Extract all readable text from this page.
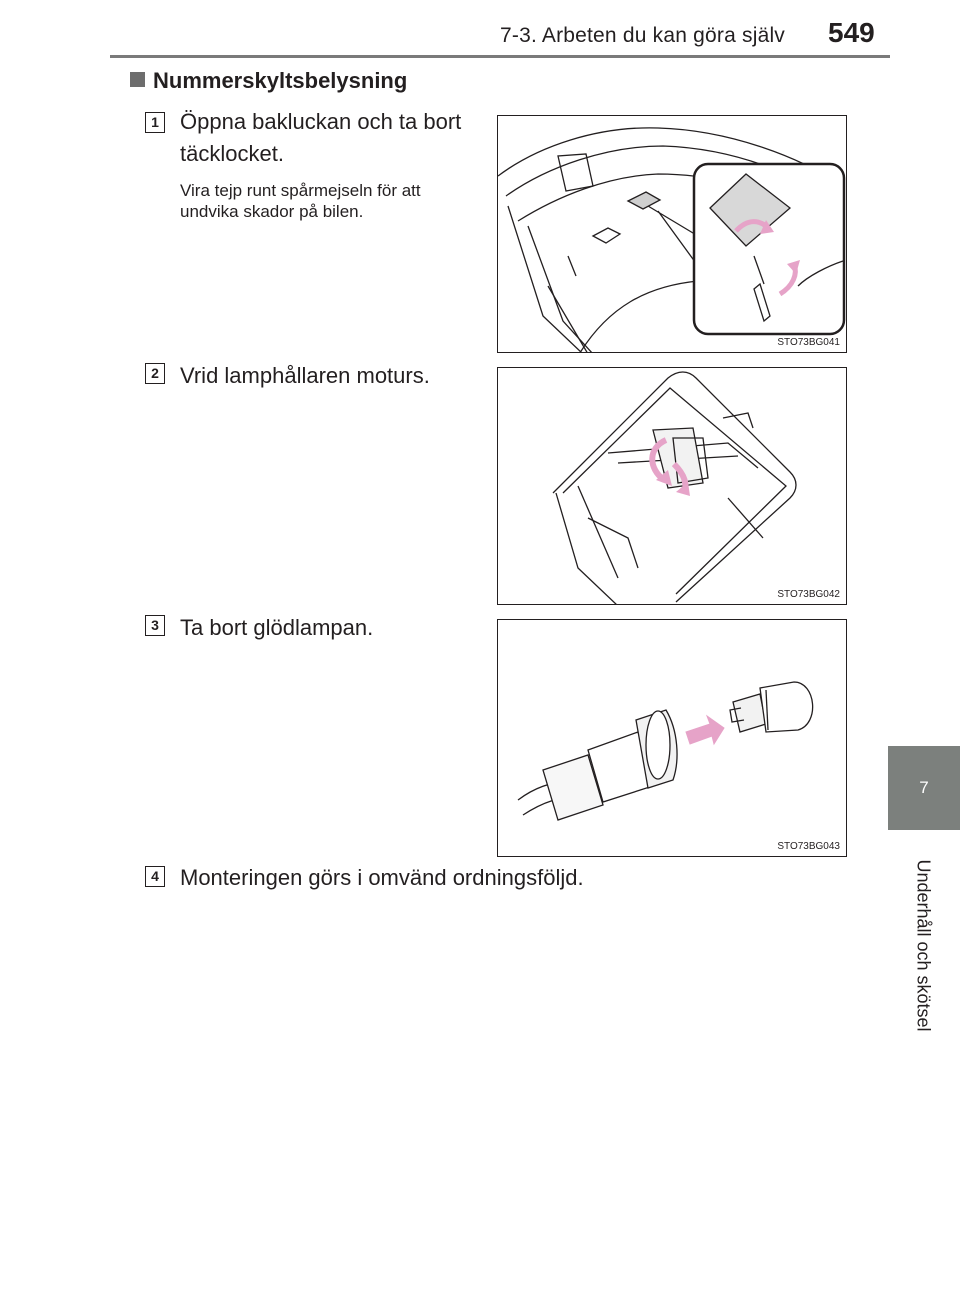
7-3. Arbeten du kan göra själv 549
7
Underhåll och skötsel
Nummerskyltsbelysning
1 Öppna bakluckan och ta bort täcklocket.
Vira tejp runt spårmejseln för att undvika skador på bilen.
STO73BG041
2 Vrid lamphållaren moturs.
STO73BG042
3 Ta bort glödlampan.
STO73BG043
4 Monteringen görs i omvänd ordningsföljd.
